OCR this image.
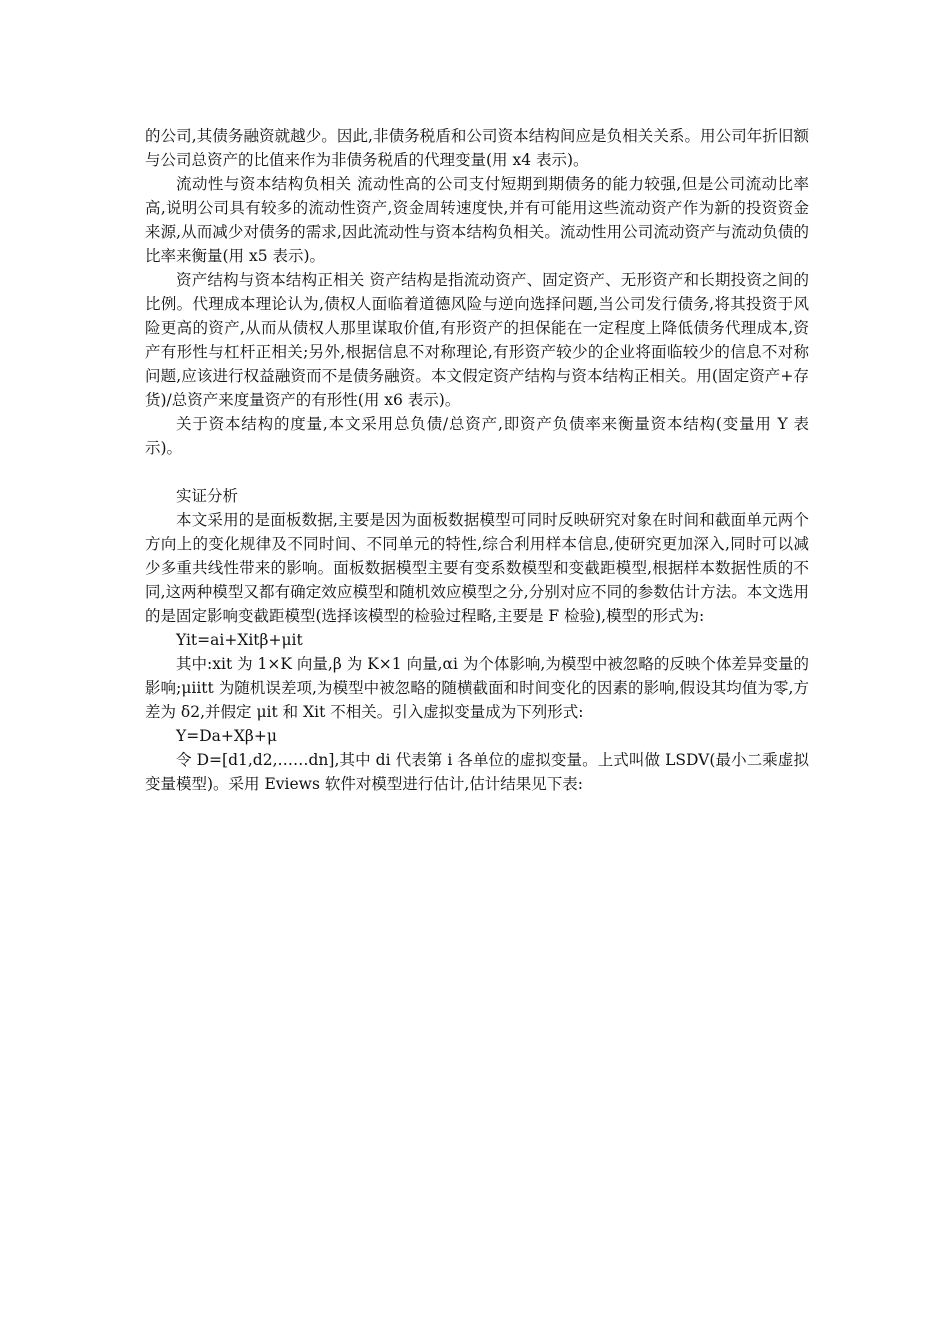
的公司,其债务融资就越少。因此,非债务税盾和公司资本结构间应是负相关关系。用公司年折旧额与公司总资产的比值来作为非债务税盾的代理变量(用 x4 表示)。

流动性与资本结构负相关 流动性高的公司支付短期到期债务的能力较强,但是公司流动比率高,说明公司具有较多的流动性资产,资金周转速度快,并有可能用这些流动资产作为新的投资资金来源,从而减少对债务的需求,因此流动性与资本结构负相关。流动性用公司流动资产与流动负债的比率来衡量(用 x5 表示)。

资产结构与资本结构正相关 资产结构是指流动资产、固定资产、无形资产和长期投资之间的比例。代理成本理论认为,债权人面临着道德风险与逆向选择问题,当公司发行债务,将其投资于风险更高的资产,从而从债权人那里谋取价值,有形资产的担保能在一定程度上降低债务代理成本,资产有形性与杠杆正相关;另外,根据信息不对称理论,有形资产较少的企业将面临较少的信息不对称问题,应该进行权益融资而不是债务融资。本文假定资产结构与资本结构正相关。用(固定资产+存货)/总资产来度量资产的有形性(用 x6 表示)。

关于资本结构的度量,本文采用总负债/总资产,即资产负债率来衡量资本结构(变量用 Y 表示)。

实证分析

本文采用的是面板数据,主要是因为面板数据模型可同时反映研究对象在时间和截面单元两个方向上的变化规律及不同时间、不同单元的特性,综合利用样本信息,使研究更加深入,同时可以减少多重共线性带来的影响。面板数据模型主要有变系数模型和变截距模型,根据样本数据性质的不同,这两种模型又都有确定效应模型和随机效应模型之分,分别对应不同的参数估计方法。本文选用的是固定影响变截距模型(选择该模型的检验过程略,主要是 F 检验),模型的形式为:

Yit=ai+Xitβ+μit

其中:xit 为 1×K 向量,β 为 K×1 向量,αi 为个体影响,为模型中被忽略的反映个体差异变量的影响;μiitt 为随机误差项,为模型中被忽略的随横截面和时间变化的因素的影响,假设其均值为零,方差为 δ2,并假定 μit 和 Xit 不相关。引入虚拟变量成为下列形式:

Y=Da+Xβ+μ

令 D=[d1,d2,……dn],其中 di 代表第 i 各单位的虚拟变量。上式叫做 LSDV(最小二乘虚拟变量模型)。采用 Eviews 软件对模型进行估计,估计结果见下表:
